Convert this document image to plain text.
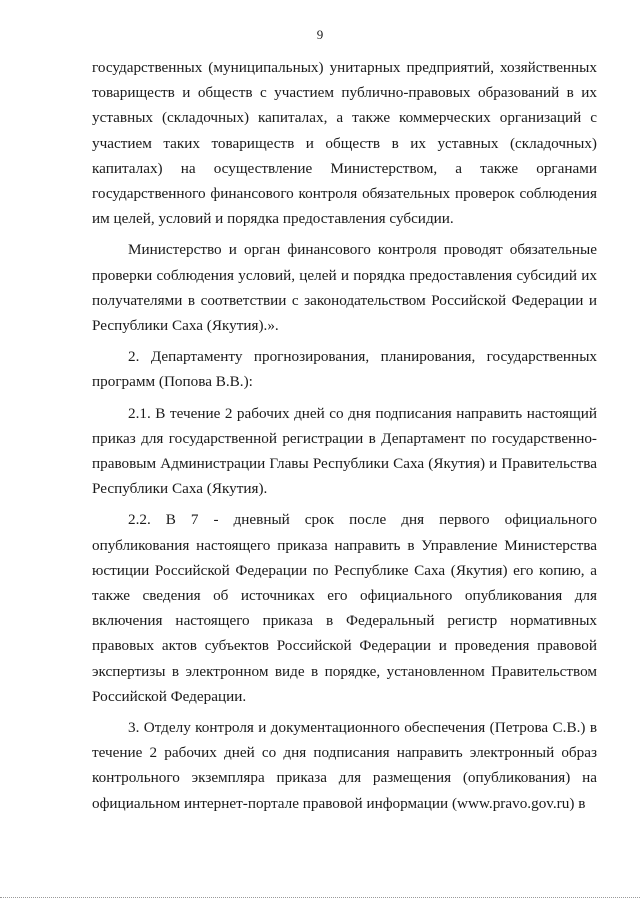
9

государственных (муниципальных) унитарных предприятий, хозяйственных товариществ и обществ с участием публично-правовых образований в их уставных (складочных) капиталах, а также коммерческих организаций с участием таких товариществ и обществ в их уставных (складочных) капиталах) на осуществление Министерством, а также органами государственного финансового контроля обязательных проверок соблюдения им целей, условий и порядка предоставления субсидии.

Министерство и орган финансового контроля проводят обязательные проверки соблюдения условий, целей и порядка предоставления субсидий их получателями в соответствии с законодательством Российской Федерации и Республики Саха (Якутия).».

2. Департаменту прогнозирования, планирования, государственных программ (Попова В.В.):

2.1. В течение 2 рабочих дней со дня подписания направить настоящий приказ для государственной регистрации в Департамент по государственно-правовым Администрации Главы Республики Саха (Якутия) и Правительства Республики Саха (Якутия).

2.2. В 7 - дневный срок после дня первого официального опубликования настоящего приказа направить в Управление Министерства юстиции Российской Федерации по Республике Саха (Якутия) его копию, а также сведения об источниках его официального опубликования для включения настоящего приказа в Федеральный регистр нормативных правовых актов субъектов Российской Федерации и проведения правовой экспертизы в электронном виде в порядке, установленном Правительством Российской Федерации.

3. Отделу контроля и документационного обеспечения (Петрова С.В.) в течение 2 рабочих дней со дня подписания направить электронный образ контрольного экземпляра приказа для размещения (опубликования) на официальном интернет-портале правовой информации (www.pravo.gov.ru) в
